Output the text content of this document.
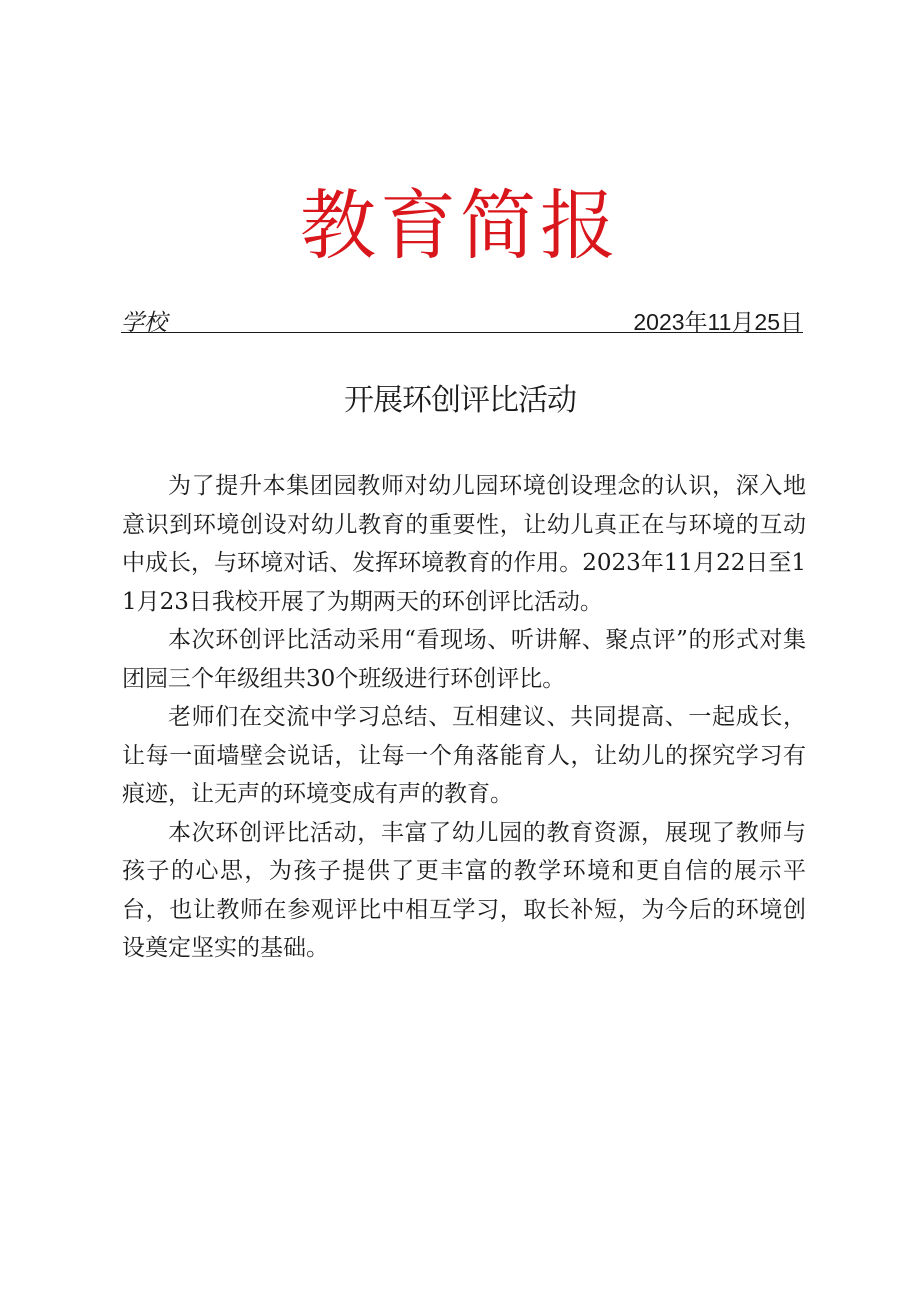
教育简报
学校	2023年11月25日
开展环创评比活动

为了提升本集团园教师对幼儿园环境创设理念的认识，深入地意识到环境创设对幼儿教育的重要性，让幼儿真正在与环境的互动中成长，与环境对话、发挥环境教育的作用。2023年11月22日至11月23日我校开展了为期两天的环创评比活动。

本次环创评比活动采用“看现场、听讲解、聚点评”的形式对集团园三个年级组共30个班级进行环创评比。

老师们在交流中学习总结、互相建议、共同提高、一起成长，让每一面墙壁会说话，让每一个角落能育人，让幼儿的探究学习有痕迹，让无声的环境变成有声的教育。

本次环创评比活动，丰富了幼儿园的教育资源，展现了教师与孩子的心思，为孩子提供了更丰富的教学环境和更自信的展示平台，也让教师在参观评比中相互学习，取长补短，为今后的环境创设奠定坚实的基础。
